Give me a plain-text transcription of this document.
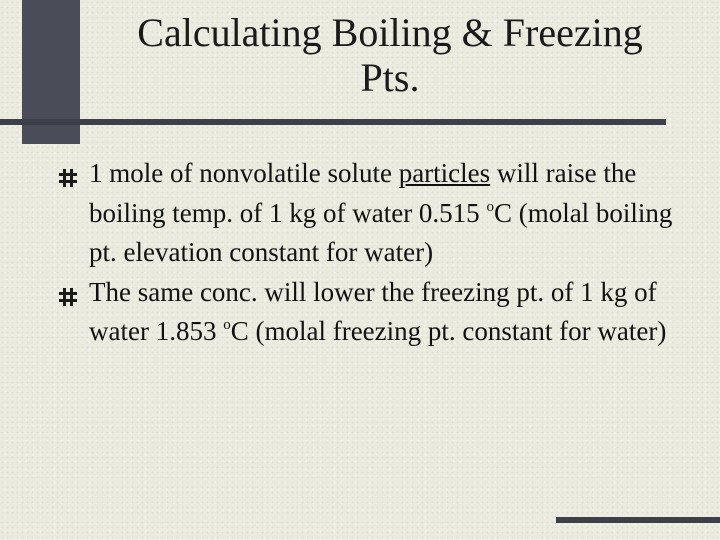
Calculating Boiling & Freezing
Pts.
1 mole of nonvolatile solute particles will raise the boiling temp. of 1 kg of water 0.515 $^o$C (molal boiling pt. elevation constant for water)
The same conc. will lower the freezing pt. of 1 kg of water 1.853 $^o$C (molal freezing pt. constant for water)
